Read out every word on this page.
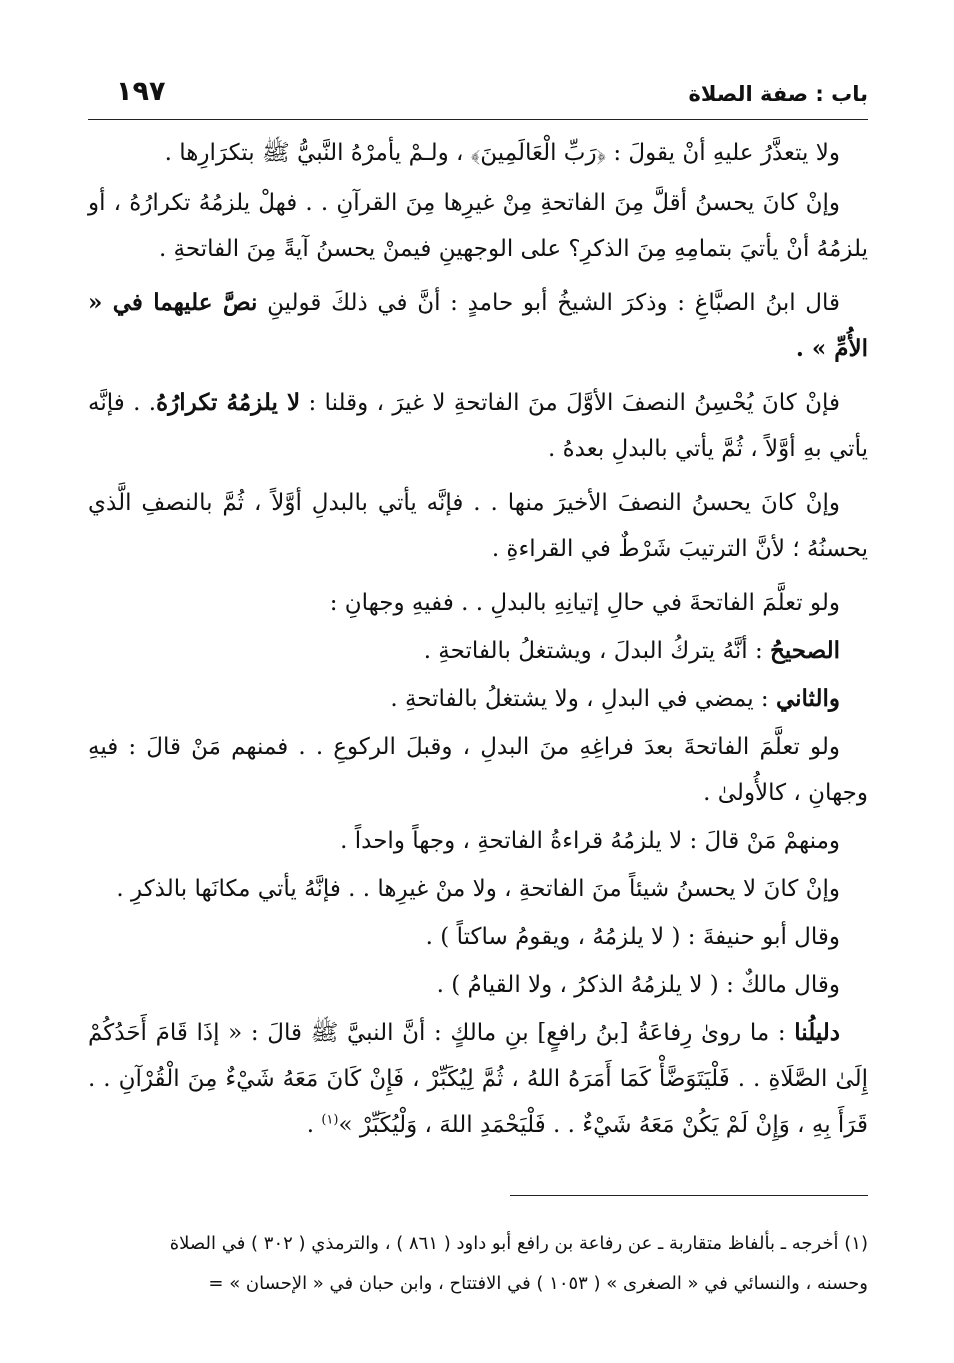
باب : صفة الصلاة
١٩٧

ولا يتعذَّرُ عليهِ أنْ يقولَ : ﴿رَبِّ الْعَالَمِينَ﴾ ، ولـمْ يأمرْهُ النَّبيُّ ﷺ بتكرَارِها .

وإنْ كانَ يحسنُ أقلَّ مِنَ الفاتحةِ مِنْ غيرِها مِنَ القرآنِ . . فهلْ يلزمُهُ تكرارُهُ ، أو يلزمُهُ أنْ يأتيَ بتمامِهِ مِنَ الذكرِ؟ على الوجهينِ فيمنْ يحسنُ آيةً مِنَ الفاتحةِ .

قال ابنُ الصبَّاغِ : وذكرَ الشيخُ أبو حامدٍ : أنَّ في ذلكَ قولينِ نصَّ عليهما في « الأُمِّ » .

فإنْ كانَ يُحْسِنُ النصفَ الأوَّلَ منَ الفاتحةِ لا غيرَ ، وقلنا : لا يلزمُهُ تكرارُهُ. . فإنَّه يأتي بهِ أوَّلاً ، ثُمَّ يأتي بالبدلِ بعدهُ .

وإنْ كانَ يحسنُ النصفَ الأخيرَ منها . . فإنَّه يأتي بالبدلِ أوَّلاً ، ثُمَّ بالنصفِ الَّذي يحسنُهُ ؛ لأنَّ الترتيبَ شَرْطٌ في القراءةِ .

ولو تعلَّمَ الفاتحةَ في حالِ إتيانِهِ بالبدلِ . . ففيهِ وجهانِ :

الصحيحُ : أنَّهُ يتركُ البدلَ ، ويشتغلُ بالفاتحةِ .

والثاني : يمضي في البدلِ ، ولا يشتغلُ بالفاتحةِ .

ولو تعلَّمَ الفاتحةَ بعدَ فراغِهِ منَ البدلِ ، وقبلَ الركوعِ . . فمنهم مَنْ قالَ : فيهِ وجهانِ ، كالأُولىٰ .

ومنهمْ مَنْ قالَ : لا يلزمُهُ قراءةُ الفاتحةِ ، وجهاً واحداً .

وإنْ كانَ لا يحسنُ شيئاً منَ الفاتحةِ ، ولا منْ غيرِها . . فإنَّهُ يأتي مكانَها بالذكرِ .

وقال أبو حنيفةَ : ( لا يلزمُهُ ، ويقومُ ساكتاً ) .

وقال مالكٌ : ( لا يلزمُهُ الذكرُ ، ولا القيامُ ) .

دليلُنا : ما روىٰ رِفاعَةُ [بنُ رافعٍ] بنِ مالكٍ : أنَّ النبيَّ ﷺ قالَ : « إذَا قَامَ أَحَدُكُمْ إِلَىٰ الصَّلَاةِ . . فَلْيَتَوَضَّأْ كَمَا أَمَرَهُ اللهُ ، ثُمَّ لِيُكَبِّرْ ، فَإِنْ كَانَ مَعَهُ شَيْءٌ مِنَ الْقُرْآنِ . . قَرَأَ بِهِ ، وَإِنْ لَمْ يَكُنْ مَعَهُ شَيْءٌ . . فَلْيَحْمَدِ اللهَ ، وَلْيُكَبِّرْ »$^{(١)}$ .

(١) أخرجه ـ بألفاظ متقاربة ـ عن رفاعة بن رافع أبو داود ( ٨٦١ ) ، والترمذي ( ٣٠٢ ) في الصلاة

وحسنه ، والنسائي في « الصغرى » ( ١٠٥٣ ) في الافتتاح ، وابن حبان في « الإحسان » =
